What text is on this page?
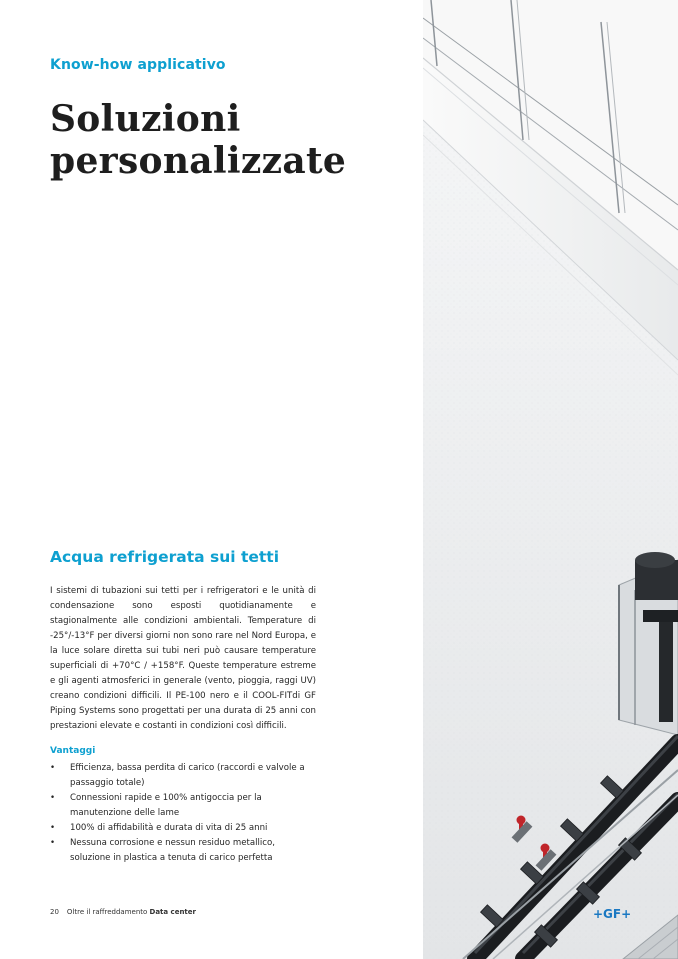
Know-how applicativo
Soluzioni
personalizzate
Acqua refrigerata sui tetti

I sistemi di tubazioni sui tetti per i refrigeratori e le unità di condensazione sono esposti quotidianamente e stagionalmente alle condizioni ambientali. Temperature di -25°/-13°F per diversi giorni non sono rare nel Nord Europa, e la luce solare diretta sui tubi neri può causare temperature superficiali di +70°C / +158°F. Queste temperature estreme e gli agenti atmosferici in generale (vento, pioggia, raggi UV) creano condizioni difficili. Il PE-100 nero e il COOL-FITdi GF Piping Systems sono progettati per una durata di 25 anni con prestazioni elevate e costanti in condizioni così difficili.

Vantaggi
• Efficienza, bassa perdita di carico (raccordi e valvole a passaggio totale)
• Connessioni rapide e 100% antigoccia per la manutenzione delle lame
• 100% di affidabilità e durata di vita di 25 anni
• Nessuna corrosione e nessun residuo metallico, soluzione in plastica a tenuta di carico perfetta
20 Oltre il raffreddamento Data center	+GF+
